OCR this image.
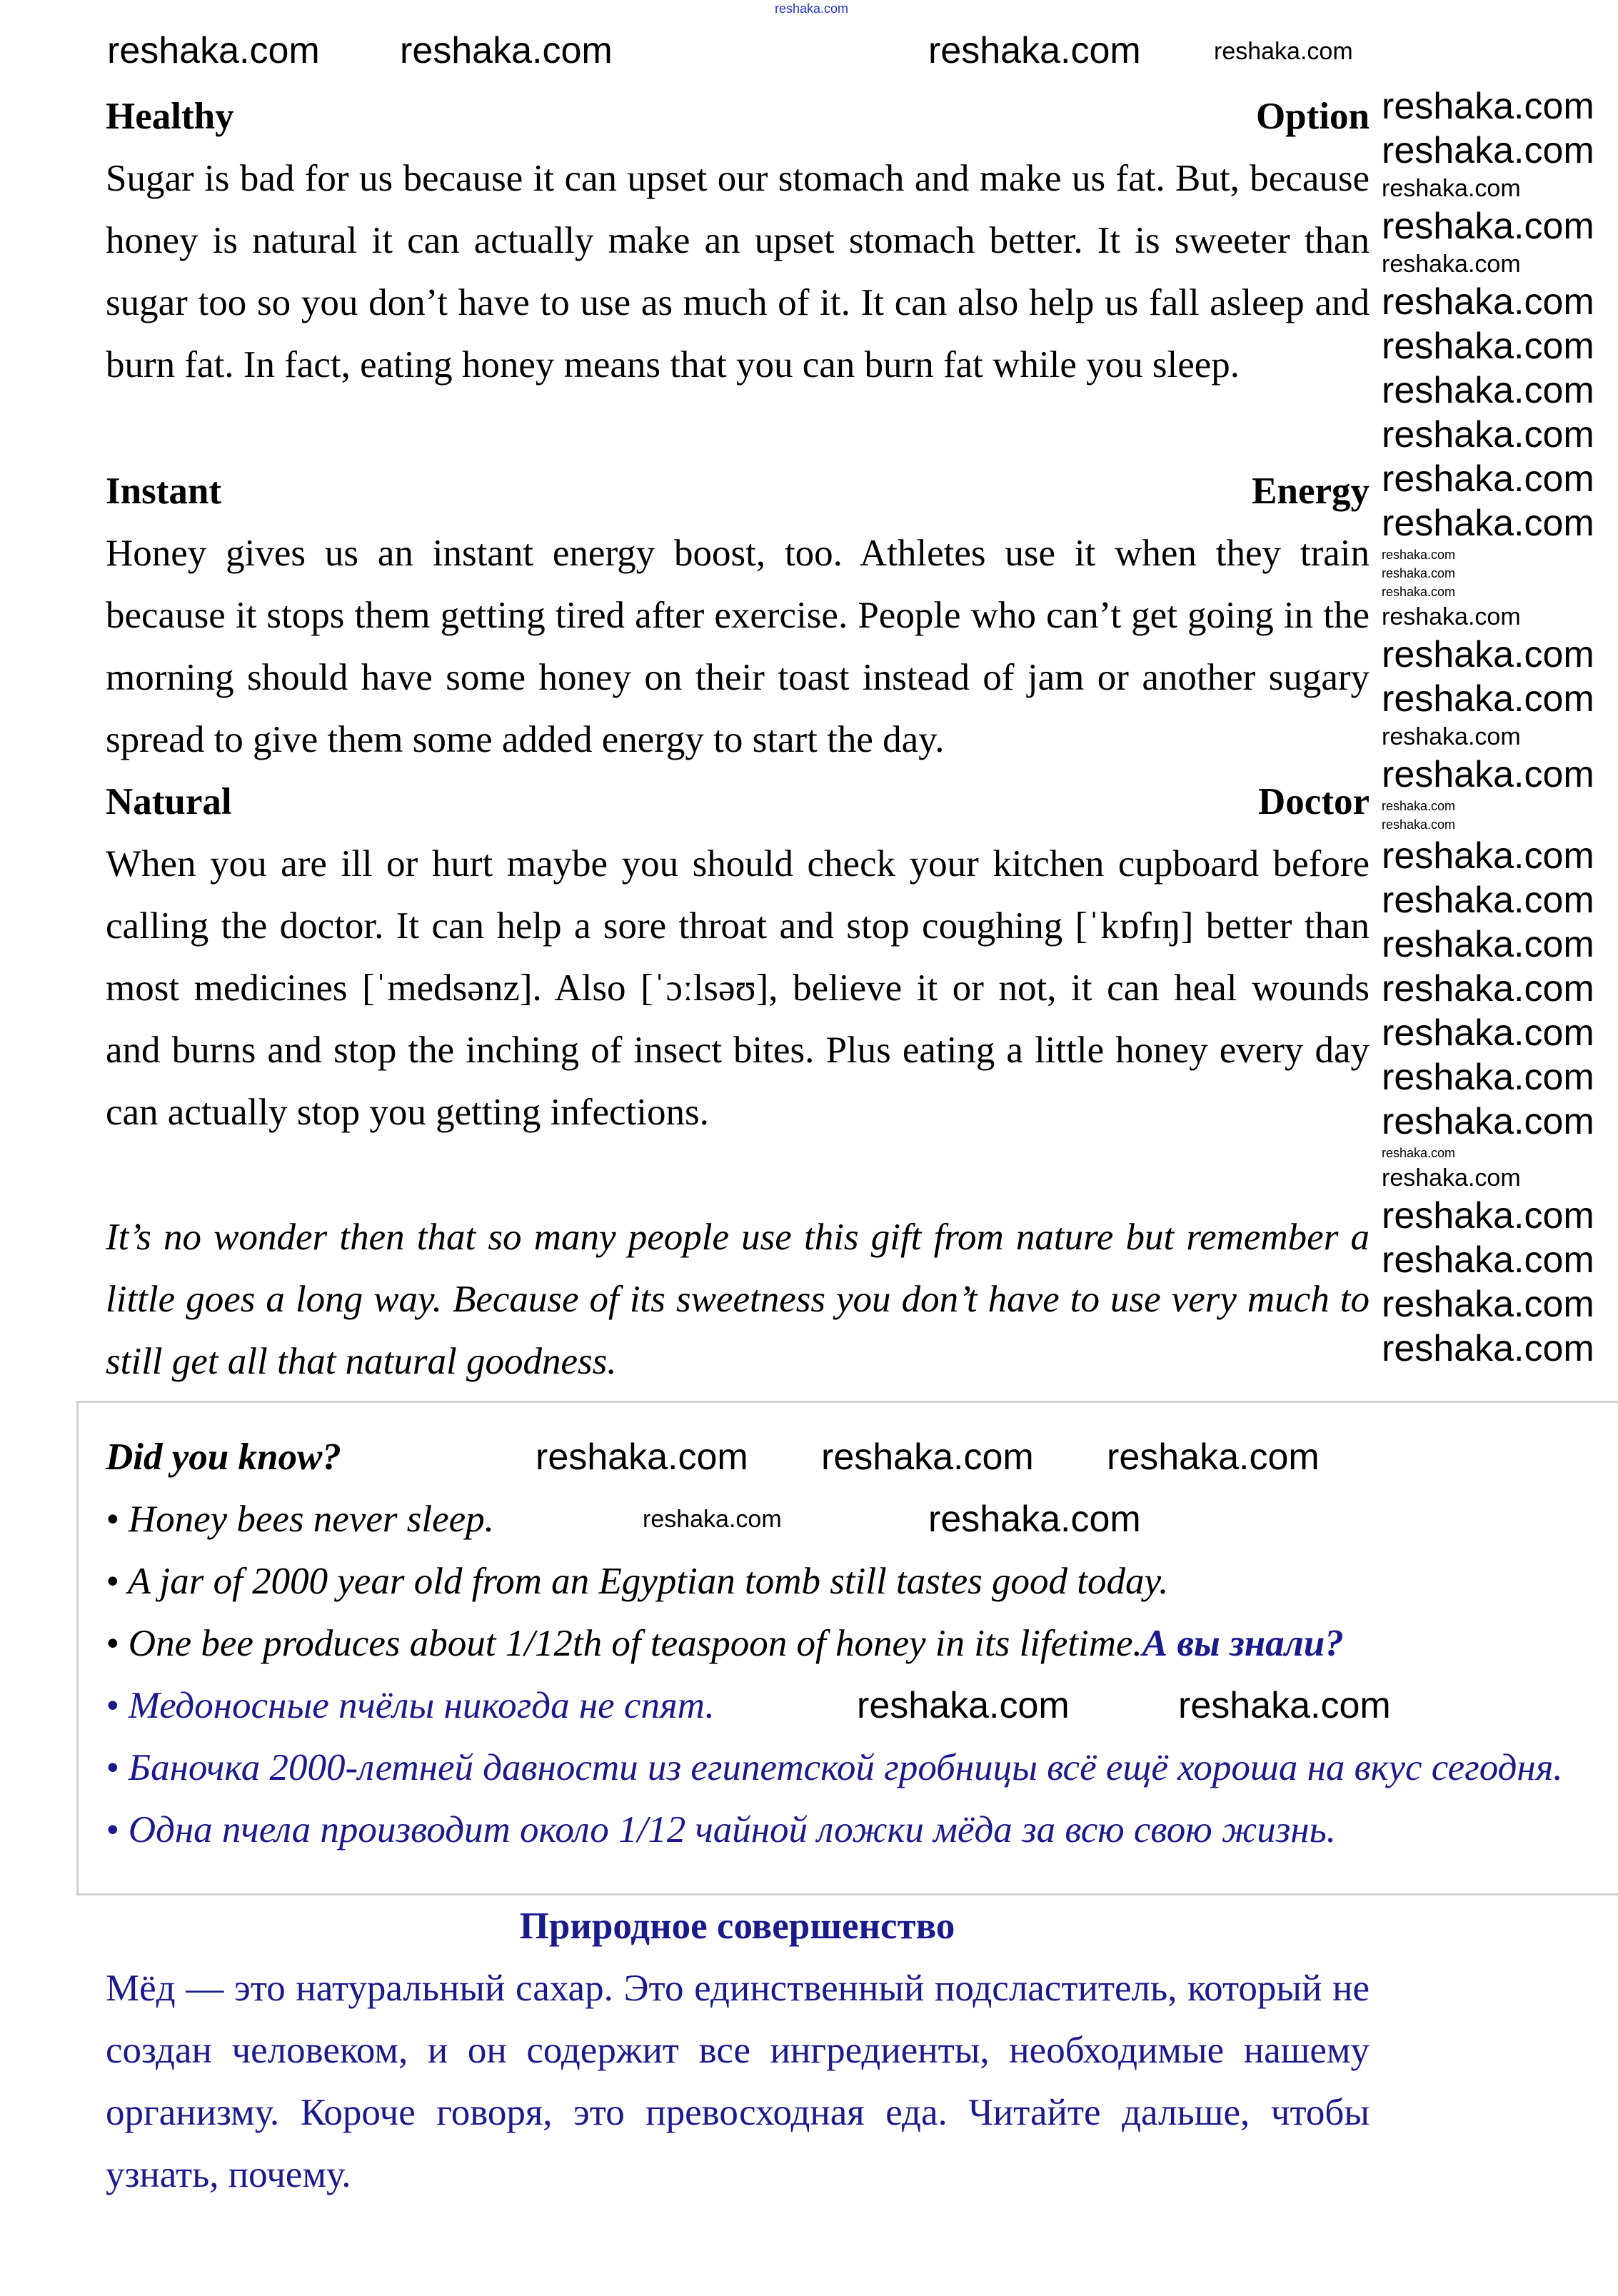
reshaka.com
Healthy	Option
Sugar is bad for us because it can upset our stomach and make us fat. But, because honey is natural it can actually make an upset stomach better. It is sweeter than sugar too so you don’t have to use as much of it. It can also help us fall asleep and burn fat. In fact, eating honey means that you can burn fat while you sleep.
Instant	Energy
Honey gives us an instant energy boost, too. Athletes use it when they train because it stops them getting tired after exercise. People who can’t get going in the morning should have some honey on their toast instead of jam or another sugary spread to give them some added energy to start the day.
Natural	Doctor
When you are ill or hurt maybe you should check your kitchen cupboard before calling the doctor. It can help a sore throat and stop coughing [ˈkɒfɪŋ] better than most medicines [ˈmedsənz]. Also [ˈɔːlsəʊ], believe it or not, it can heal wounds and burns and stop the inching of insect bites. Plus eating a little honey every day can actually stop you getting infections.
It’s no wonder then that so many people use this gift from nature but remember a little goes a long way. Because of its sweetness you don’t have to use very much to still get all that natural goodness.
Did you know?
• Honey bees never sleep.
• A jar of 2000 year old from an Egyptian tomb still tastes good today.
• One bee produces about 1/12th of teaspoon of honey in its lifetime.А вы знали?
• Медоносные пчёлы никогда не спят.
• Баночка 2000-летней давности из египетской гробницы всё ещё хороша на вкус сегодня.
• Одна пчела производит около 1/12 чайной ложки мёда за всю свою жизнь.
Природное совершенство
Мёд — это натуральный сахар. Это единственный подсластитель, который не создан человеком, и он содержит все ингредиенты, необходимые нашему организму. Короче говоря, это превосходная еда. Читайте дальше, чтобы узнать, почему.
reshaka.com reshaka.com	reshaka.com	reshaka.com
reshaka.com
reshaka.com
reshaka.com
reshaka.com
reshaka.com
reshaka.com
reshaka.com
reshaka.com
reshaka.com
reshaka.com
reshaka.com
reshaka.com
reshaka.com
reshaka.com
reshaka.com
reshaka.com
reshaka.com
reshaka.com
reshaka.com
reshaka.com
reshaka.com
reshaka.com
reshaka.com
reshaka.com
reshaka.com
reshaka.com
reshaka.com
reshaka.com
reshaka.com
reshaka.com
reshaka.com
reshaka.com
reshaka.com
reshaka.com
reshaka.com reshaka.com reshaka.com
reshaka.com	reshaka.com
reshaka.com	reshaka.com
